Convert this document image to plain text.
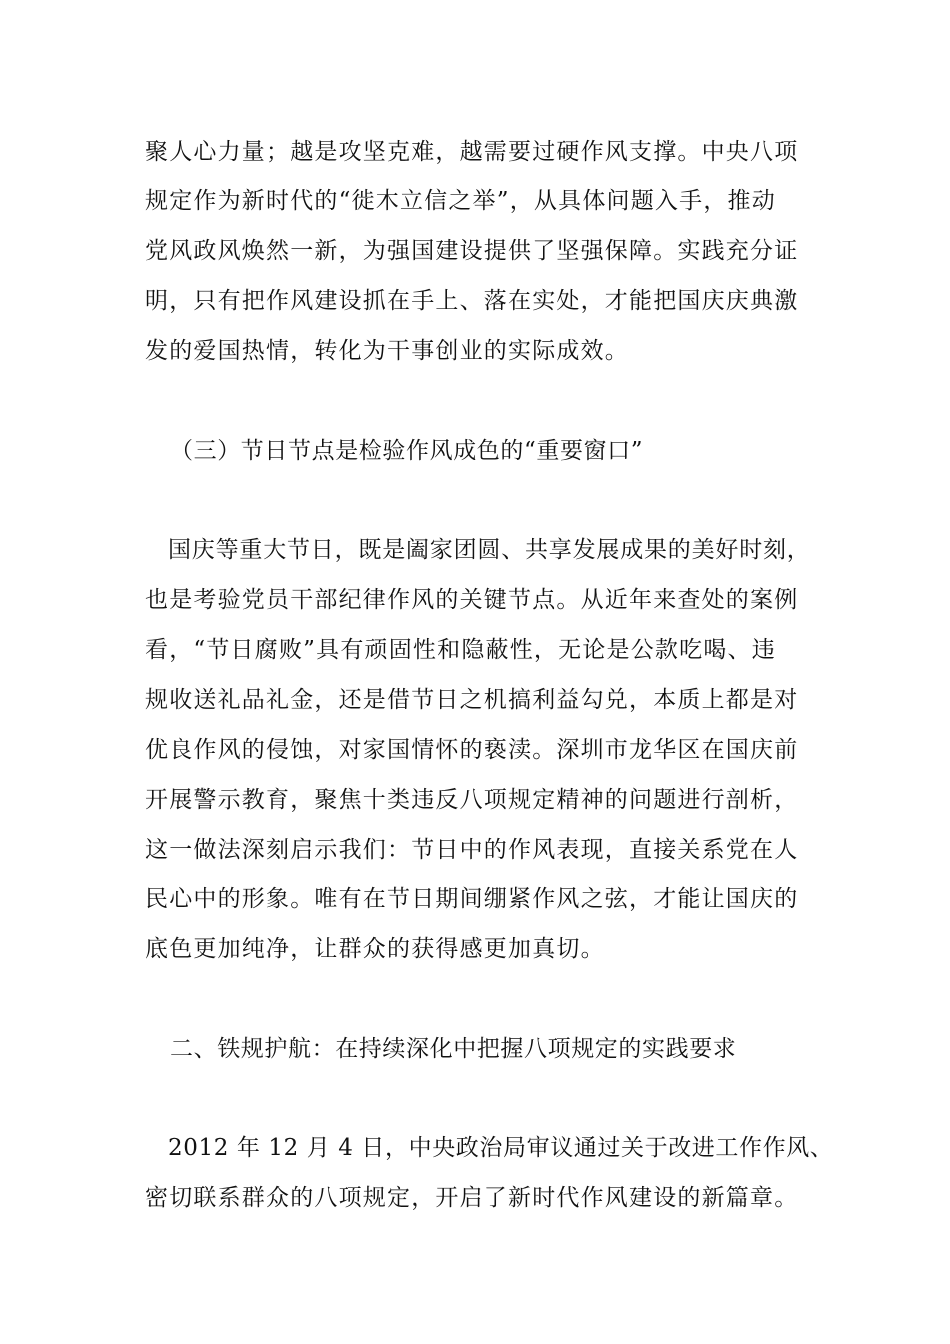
聚人心力量；越是攻坚克难，越需要过硬作风支撑。中央八项
规定作为新时代的“徙木立信之举”，从具体问题入手，推动
党风政风焕然一新，为强国建设提供了坚强保障。实践充分证
明，只有把作风建设抓在手上、落在实处，才能把国庆庆典激
发的爱国热情，转化为干事创业的实际成效。
（三）节日节点是检验作风成色的“重要窗口”
国庆等重大节日，既是阖家团圆、共享发展成果的美好时刻，
也是考验党员干部纪律作风的关键节点。从近年来查处的案例
看，“节日腐败”具有顽固性和隐蔽性，无论是公款吃喝、违
规收送礼品礼金，还是借节日之机搞利益勾兑，本质上都是对
优良作风的侵蚀，对家国情怀的亵渎。深圳市龙华区在国庆前
开展警示教育，聚焦十类违反八项规定精神的问题进行剖析，
这一做法深刻启示我们：节日中的作风表现，直接关系党在人
民心中的形象。唯有在节日期间绷紧作风之弦，才能让国庆的
底色更加纯净，让群众的获得感更加真切。
二、铁规护航：在持续深化中把握八项规定的实践要求
2012 年 12 月 4 日，中央政治局审议通过关于改进工作作风、
密切联系群众的八项规定，开启了新时代作风建设的新篇章。
